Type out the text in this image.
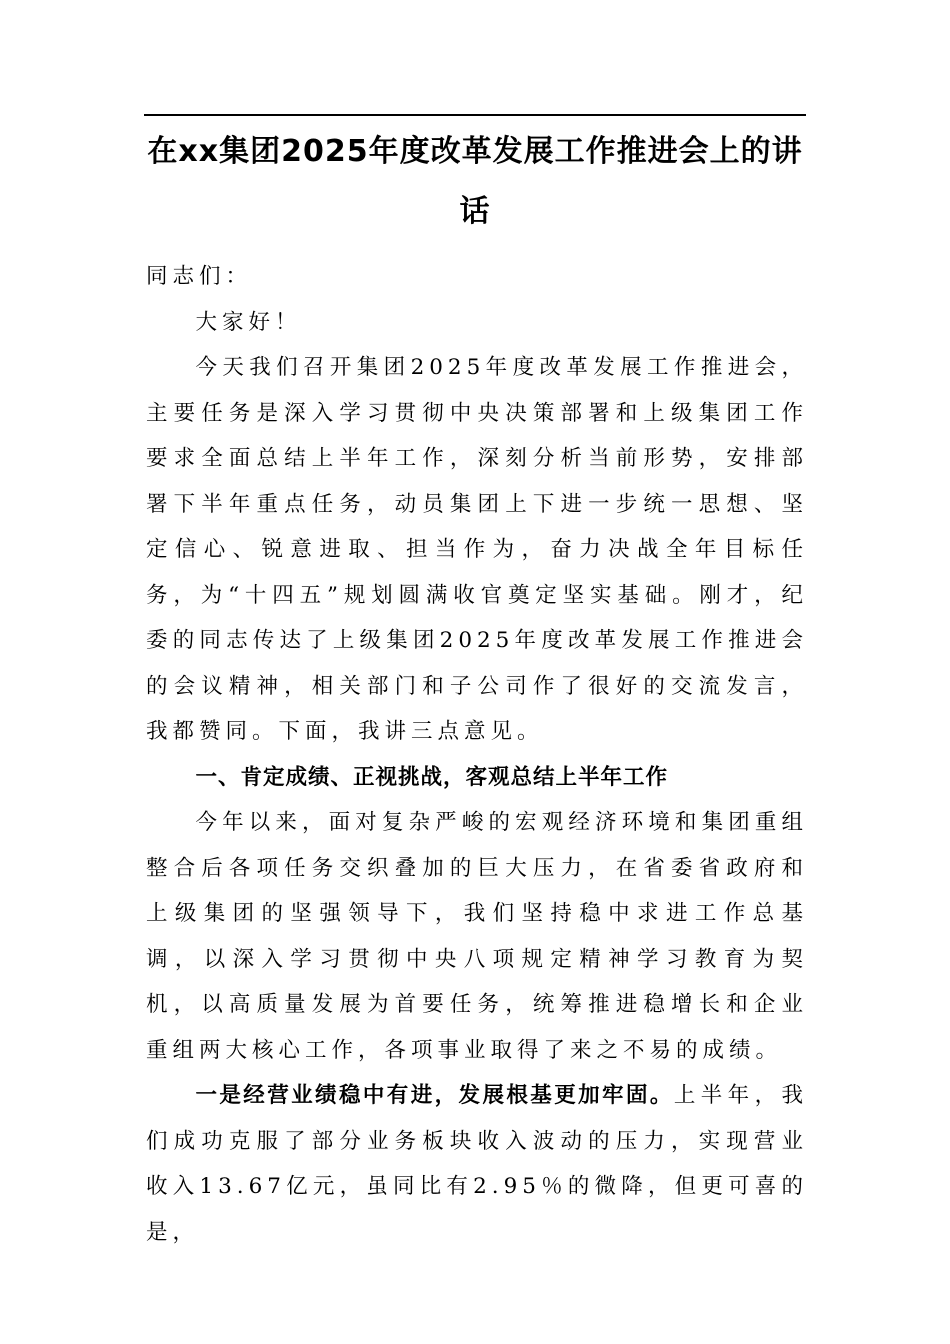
在xx集团2025年度改革发展工作推进会上的讲话

同志们：

大家好！

今天我们召开集团2025年度改革发展工作推进会，主要任务是深入学习贯彻中央决策部署和上级集团工作要求全面总结上半年工作，深刻分析当前形势，安排部署下半年重点任务，动员集团上下进一步统一思想、坚定信心、锐意进取、担当作为，奋力决战全年目标任务，为“十四五”规划圆满收官奠定坚实基础。刚才，纪委的同志传达了上级集团2025年度改革发展工作推进会的会议精神，相关部门和子公司作了很好的交流发言，我都赞同。下面，我讲三点意见。

一、肯定成绩、正视挑战，客观总结上半年工作

今年以来，面对复杂严峻的宏观经济环境和集团重组整合后各项任务交织叠加的巨大压力，在省委省政府和上级集团的坚强领导下，我们坚持稳中求进工作总基调，以深入学习贯彻中央八项规定精神学习教育为契机，以高质量发展为首要任务，统筹推进稳增长和企业重组两大核心工作，各项事业取得了来之不易的成绩。

一是经营业绩稳中有进，发展根基更加牢固。上半年，我们成功克服了部分业务板块收入波动的压力，实现营业收入13.67亿元，虽同比有2.95％的微降，但更可喜的是，
